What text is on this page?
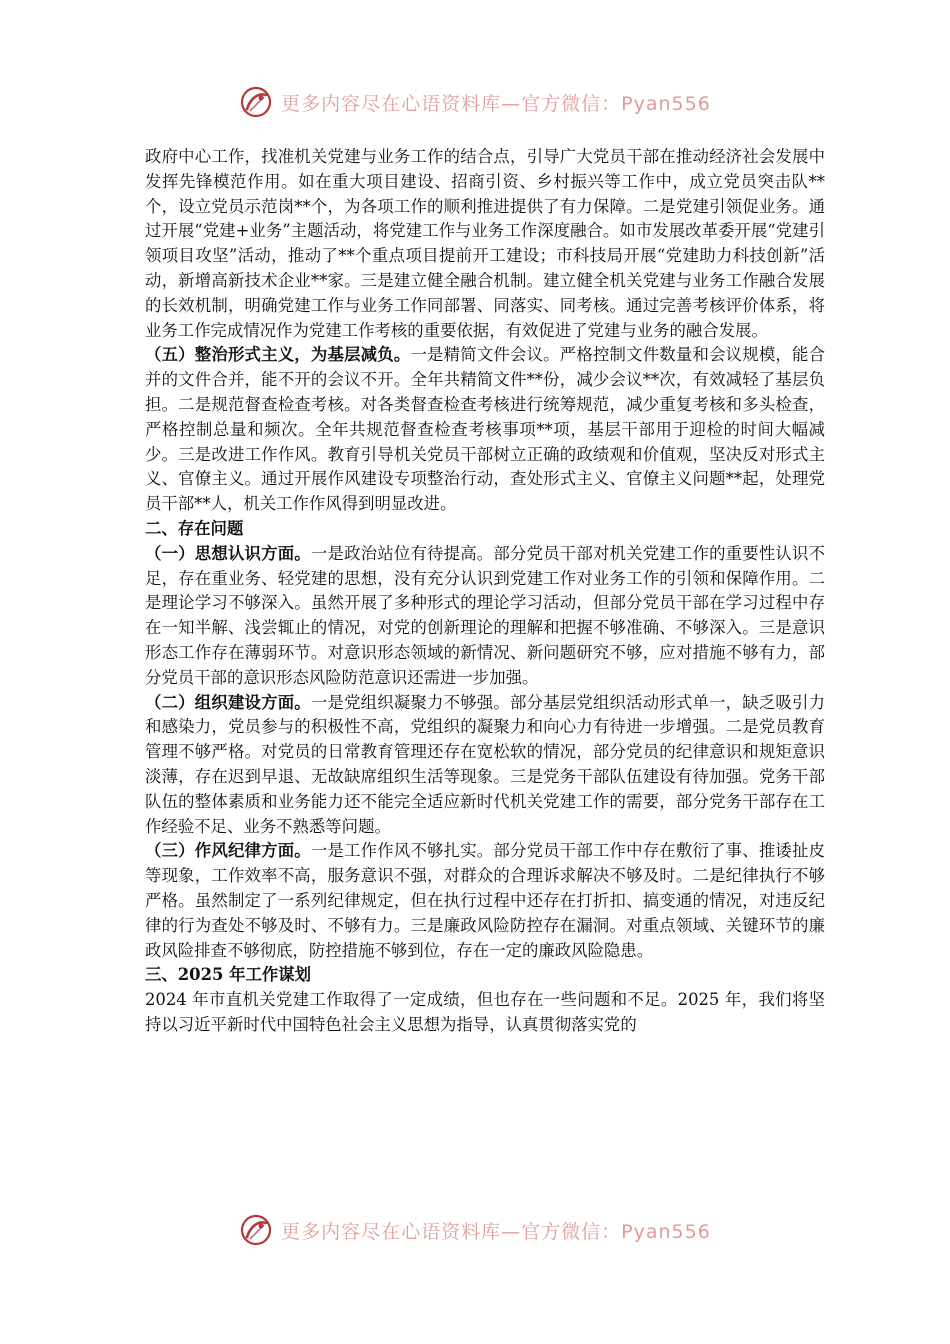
更多内容尽在心语资料库—官方微信：Pyan556

政府中心工作，找准机关党建与业务工作的结合点，引导广大党员干部在推动经济社会发展中发挥先锋模范作用。如在重大项目建设、招商引资、乡村振兴等工作中，成立党员突击队**个，设立党员示范岗**个，为各项工作的顺利推进提供了有力保障。二是党建引领促业务。通过开展“党建+业务”主题活动，将党建工作与业务工作深度融合。如市发展改革委开展“党建引领项目攻坚”活动，推动了**个重点项目提前开工建设；市科技局开展“党建助力科技创新”活动，新增高新技术企业**家。三是建立健全融合机制。建立健全机关党建与业务工作融合发展的长效机制，明确党建工作与业务工作同部署、同落实、同考核。通过完善考核评价体系，将业务工作完成情况作为党建工作考核的重要依据，有效促进了党建与业务的融合发展。

（五）整治形式主义，为基层减负。一是精简文件会议。严格控制文件数量和会议规模，能合并的文件合并，能不开的会议不开。全年共精简文件**份，减少会议**次，有效减轻了基层负担。二是规范督查检查考核。对各类督查检查考核进行统筹规范，减少重复考核和多头检查，严格控制总量和频次。全年共规范督查检查考核事项**项，基层干部用于迎检的时间大幅减少。三是改进工作作风。教育引导机关党员干部树立正确的政绩观和价值观，坚决反对形式主义、官僚主义。通过开展作风建设专项整治行动，查处形式主义、官僚主义问题**起，处理党员干部**人，机关工作作风得到明显改进。

二、存在问题

（一）思想认识方面。一是政治站位有待提高。部分党员干部对机关党建工作的重要性认识不足，存在重业务、轻党建的思想，没有充分认识到党建工作对业务工作的引领和保障作用。二是理论学习不够深入。虽然开展了多种形式的理论学习活动，但部分党员干部在学习过程中存在一知半解、浅尝辄止的情况，对党的创新理论的理解和把握不够准确、不够深入。三是意识形态工作存在薄弱环节。对意识形态领域的新情况、新问题研究不够，应对措施不够有力，部分党员干部的意识形态风险防范意识还需进一步加强。

（二）组织建设方面。一是党组织凝聚力不够强。部分基层党组织活动形式单一，缺乏吸引力和感染力，党员参与的积极性不高，党组织的凝聚力和向心力有待进一步增强。二是党员教育管理不够严格。对党员的日常教育管理还存在宽松软的情况，部分党员的纪律意识和规矩意识淡薄，存在迟到早退、无故缺席组织生活等现象。三是党务干部队伍建设有待加强。党务干部队伍的整体素质和业务能力还不能完全适应新时代机关党建工作的需要，部分党务干部存在工作经验不足、业务不熟悉等问题。

（三）作风纪律方面。一是工作作风不够扎实。部分党员干部工作中存在敷衍了事、推诿扯皮等现象，工作效率不高，服务意识不强，对群众的合理诉求解决不够及时。二是纪律执行不够严格。虽然制定了一系列纪律规定，但在执行过程中还存在打折扣、搞变通的情况，对违反纪律的行为查处不够及时、不够有力。三是廉政风险防控存在漏洞。对重点领域、关键环节的廉政风险排查不够彻底，防控措施不够到位，存在一定的廉政风险隐患。

三、2025 年工作谋划

2024 年市直机关党建工作取得了一定成绩，但也存在一些问题和不足。2025 年，我们将坚持以习近平新时代中国特色社会主义思想为指导，认真贯彻落实党的

更多内容尽在心语资料库—官方微信：Pyan556
